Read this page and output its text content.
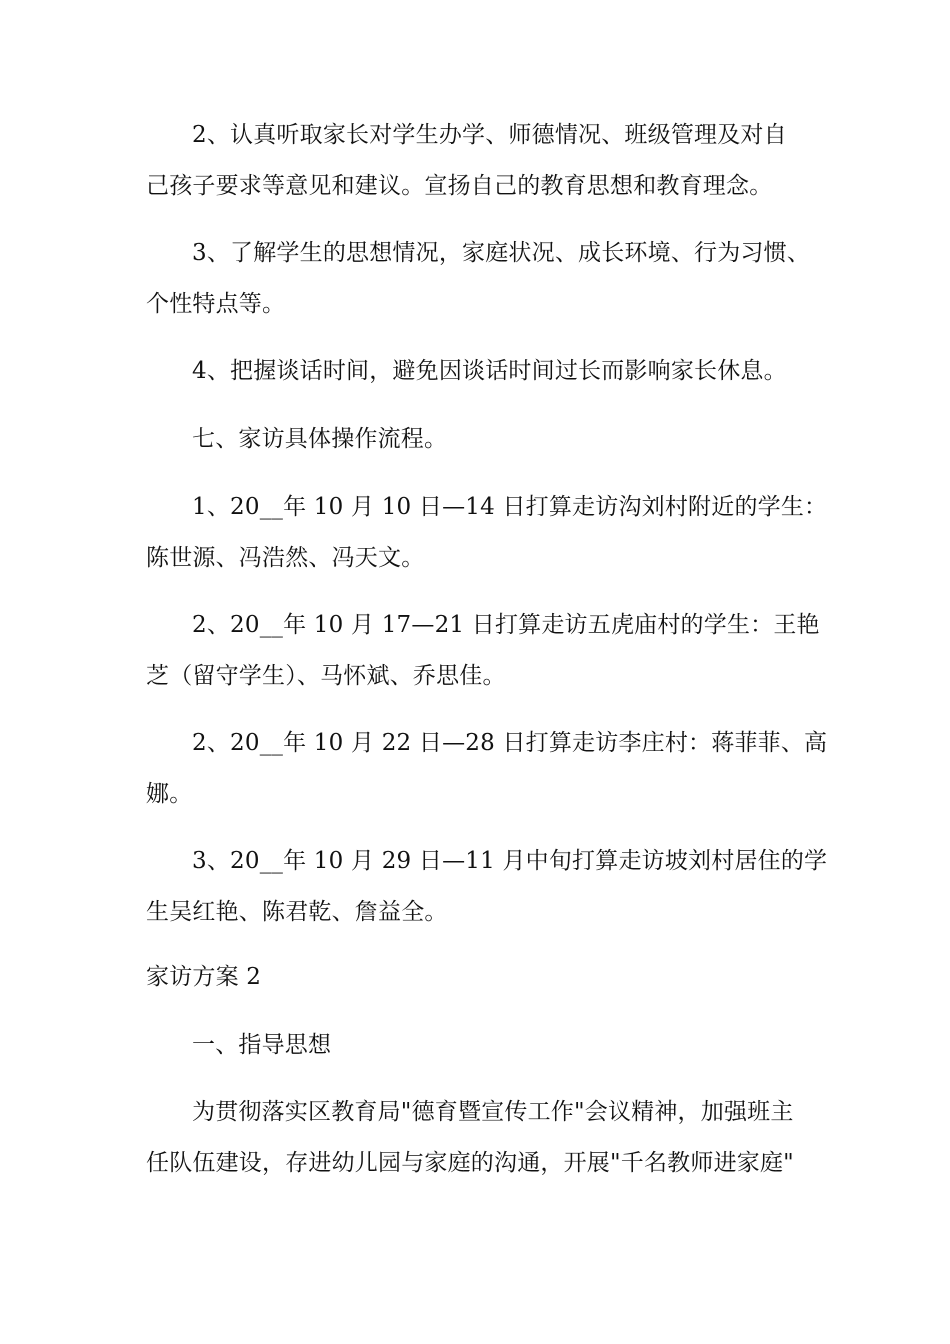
2、认真听取家长对学生办学、师德情况、班级管理及对自
己孩子要求等意见和建议。宣扬自己的教育思想和教育理念。
3、了解学生的思想情况，家庭状况、成长环境、行为习惯、
个性特点等。
4、把握谈话时间，避免因谈话时间过长而影响家长休息。
七、家访具体操作流程。
1、20__年 10 月 10 日—14 日打算走访沟刘村附近的学生：
陈世源、冯浩然、冯天文。
2、20__年 10 月 17—21 日打算走访五虎庙村的学生：王艳
芝（留守学生）、马怀斌、乔思佳。
2、20__年 10 月 22 日—28 日打算走访李庄村：蒋菲菲、高
娜。
3、20__年 10 月 29 日—11 月中旬打算走访坡刘村居住的学
生吴红艳、陈君乾、詹益全。
家访方案 2
一、指导思想
为贯彻落实区教育局"德育暨宣传工作"会议精神，加强班主
任队伍建设，存进幼儿园与家庭的沟通，开展"千名教师进家庭"
